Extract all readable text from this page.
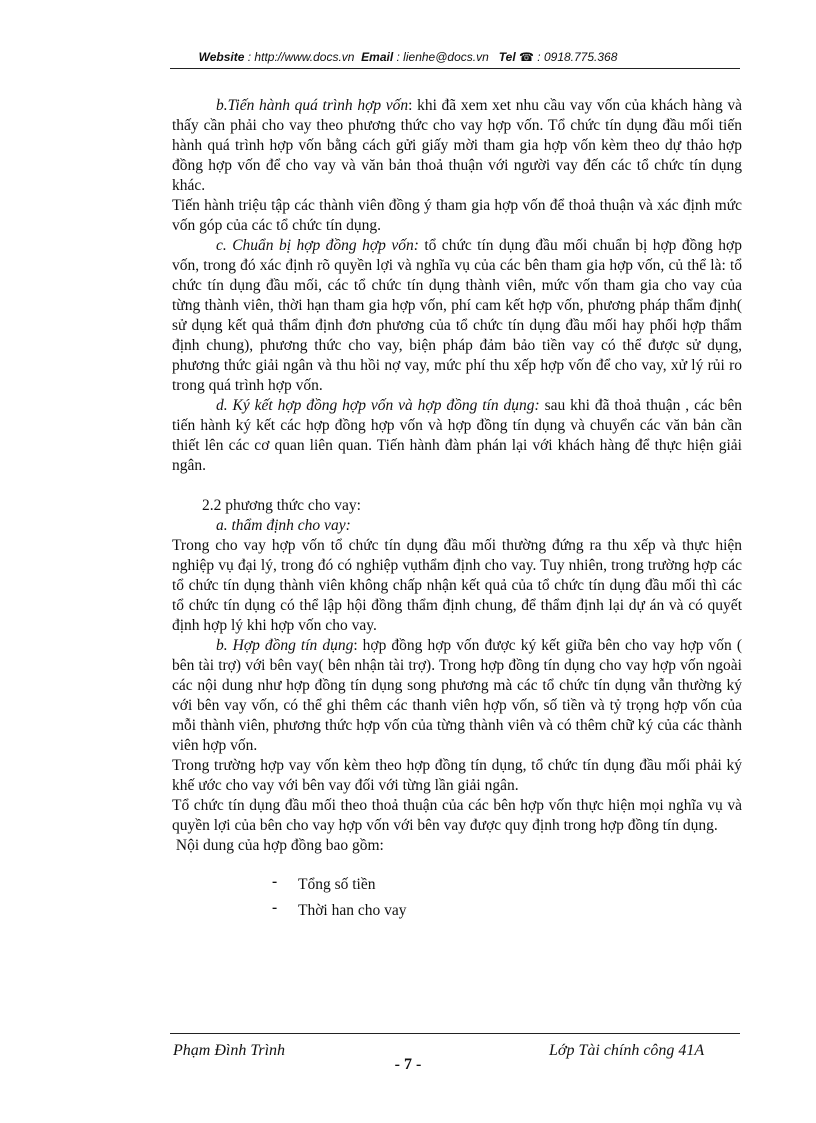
Website : http://www.docs.vn Email : lienhe@docs.vn Tel ☎ : 0918.775.368

b.Tiến hành quá trình hợp vốn: khi đã xem xet nhu cầu vay vốn của khách hàng và thấy cần phải cho vay theo phương thức cho vay hợp vốn. Tổ chức tín dụng đầu mối tiến hành quá trình hợp vốn bằng cách gửi giấy mời tham gia hợp vốn kèm theo dự thảo hợp đồng hợp vốn để cho vay và văn bản thoả thuận với người vay đến các tổ chức tín dụng khác.

Tiến hành triệu tập các thành viên đồng ý tham gia hợp vốn để thoả thuận và xác định mức vốn góp của các tổ chức tín dụng.

c. Chuẩn bị hợp đồng hợp vốn: tổ chức tín dụng đầu mối chuẩn bị hợp đồng hợp vốn, trong đó xác định rõ quyền lợi và nghĩa vụ của các bên tham gia hợp vốn, củ thể là: tổ chức tín dụng đầu mối, các tổ chức tín dụng thành viên, mức vốn tham gia cho vay của từng thành viên, thời hạn tham gia hợp vốn, phí cam kết hợp vốn, phương pháp thẩm định( sử dụng kết quả thẩm định đơn phương của tổ chức tín dụng đầu mối hay phối hợp thẩm định chung), phương thức cho vay, biện pháp đảm bảo tiền vay có thể được sử dụng, phương thức giải ngân và thu hồi nợ vay, mức phí thu xếp hợp vốn để cho vay, xử lý rủi ro trong quá trình hợp vốn.

d. Ký kết hợp đồng hợp vốn và hợp đồng tín dụng: sau khi đã thoả thuận , các bên tiến hành ký kết các hợp đồng hợp vốn và hợp đồng tín dụng và chuyển các văn bản cần thiết lên các cơ quan liên quan. Tiến hành đàm phán lại với khách hàng để thực hiện giải ngân.

2.2 phương thức cho vay:

a. thẩm định cho vay:

Trong cho vay hợp vốn tổ chức tín dụng đầu mối thường đứng ra thu xếp và thực hiện nghiệp vụ đại lý, trong đó có nghiệp vụthẩm định cho vay. Tuy nhiên, trong trường hợp các tổ chức tín dụng thành viên không chấp nhận kết quả của tổ chức tín dụng đầu mối thì các tổ chức tín dụng có thể lập hội đồng thẩm định chung, để thẩm định lại dự án và có quyết định hợp lý khi hợp vốn cho vay.

b. Hợp đồng tín dụng: hợp đồng hợp vốn được ký kết giữa bên cho vay hợp vốn ( bên tài trợ) với bên vay( bên nhận tài trợ). Trong hợp đồng tín dụng cho vay hợp vốn ngoài các nội dung như hợp đồng tín dụng song phương mà các tổ chức tín dụng vẫn thường ký với bên vay vốn, có thể ghi thêm các thanh viên hợp vốn, số tiền và tỷ trọng hợp vốn của mỗi thành viên, phương thức hợp vốn của từng thành viên và có thêm chữ ký của các thành viên hợp vốn.

Trong trường hợp vay vốn kèm theo hợp đồng tín dụng, tổ chức tín dụng đầu mối phải ký khế ước cho vay với bên vay đối với từng lần giải ngân.

Tổ chức tín dụng đầu mối theo thoả thuận của các bên hợp vốn thực hiện mọi nghĩa vụ và quyền lợi của bên cho vay hợp vốn với bên vay được quy định trong hợp đồng tín dụng.

Nội dung của hợp đồng bao gồm:

- Tổng số tiền
- Thời han cho vay
Phạm Đình Trình	Lớp Tài chính công 41A
- 7 -
